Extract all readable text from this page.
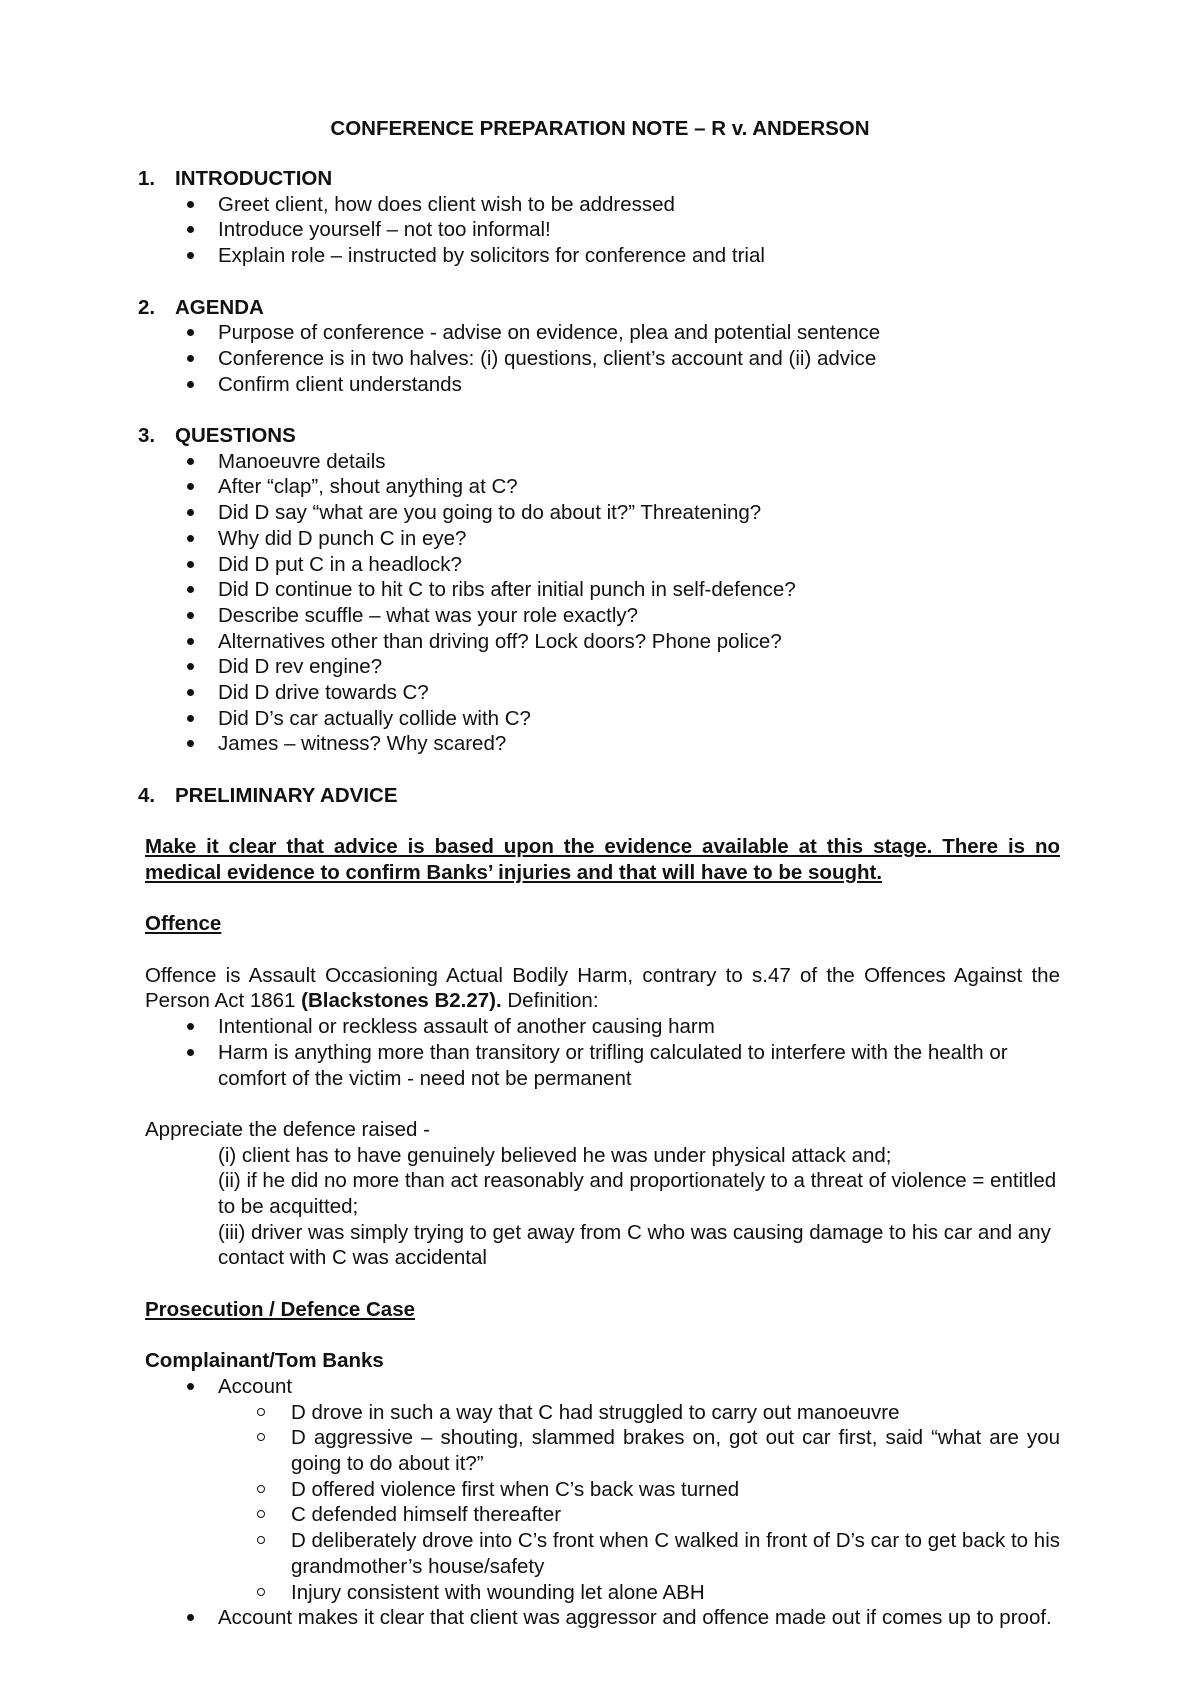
CONFERENCE PREPARATION NOTE – R v. ANDERSON
1. INTRODUCTION
Greet client, how does client wish to be addressed
Introduce yourself – not too informal!
Explain role – instructed by solicitors for conference and trial
2. AGENDA
Purpose of conference - advise on evidence, plea and potential sentence
Conference is in two halves: (i) questions, client’s account and (ii) advice
Confirm client understands
3. QUESTIONS
Manoeuvre details
After “clap”, shout anything at C?
Did D say “what are you going to do about it?” Threatening?
Why did D punch C in eye?
Did D put C in a headlock?
Did D continue to hit C to ribs after initial punch in self-defence?
Describe scuffle – what was your role exactly?
Alternatives other than driving off? Lock doors? Phone police?
Did D rev engine?
Did D drive towards C?
Did D’s car actually collide with C?
James – witness? Why scared?
4. PRELIMINARY ADVICE

Make it clear that advice is based upon the evidence available at this stage. There is no medical evidence to confirm Banks’ injuries and that will have to be sought.

Offence

Offence is Assault Occasioning Actual Bodily Harm, contrary to s.47 of the Offences Against the Person Act 1861 (Blackstones B2.27). Definition:

Intentional or reckless assault of another causing harm
Harm is anything more than transitory or trifling calculated to interfere with the health or comfort of the victim - need not be permanent

Appreciate the defence raised -

(i) client has to have genuinely believed he was under physical attack and;

(ii) if he did no more than act reasonably and proportionately to a threat of violence = entitled to be acquitted;

(iii) driver was simply trying to get away from C who was causing damage to his car and any contact with C was accidental

Prosecution / Defence Case

Complainant/Tom Banks

Account
D drove in such a way that C had struggled to carry out manoeuvre
D aggressive – shouting, slammed brakes on, got out car first, said “what are you going to do about it?”
D offered violence first when C’s back was turned
C defended himself thereafter
D deliberately drove into C’s front when C walked in front of D’s car to get back to his grandmother’s house/safety
Injury consistent with wounding let alone ABH
Account makes it clear that client was aggressor and offence made out if comes up to proof.
